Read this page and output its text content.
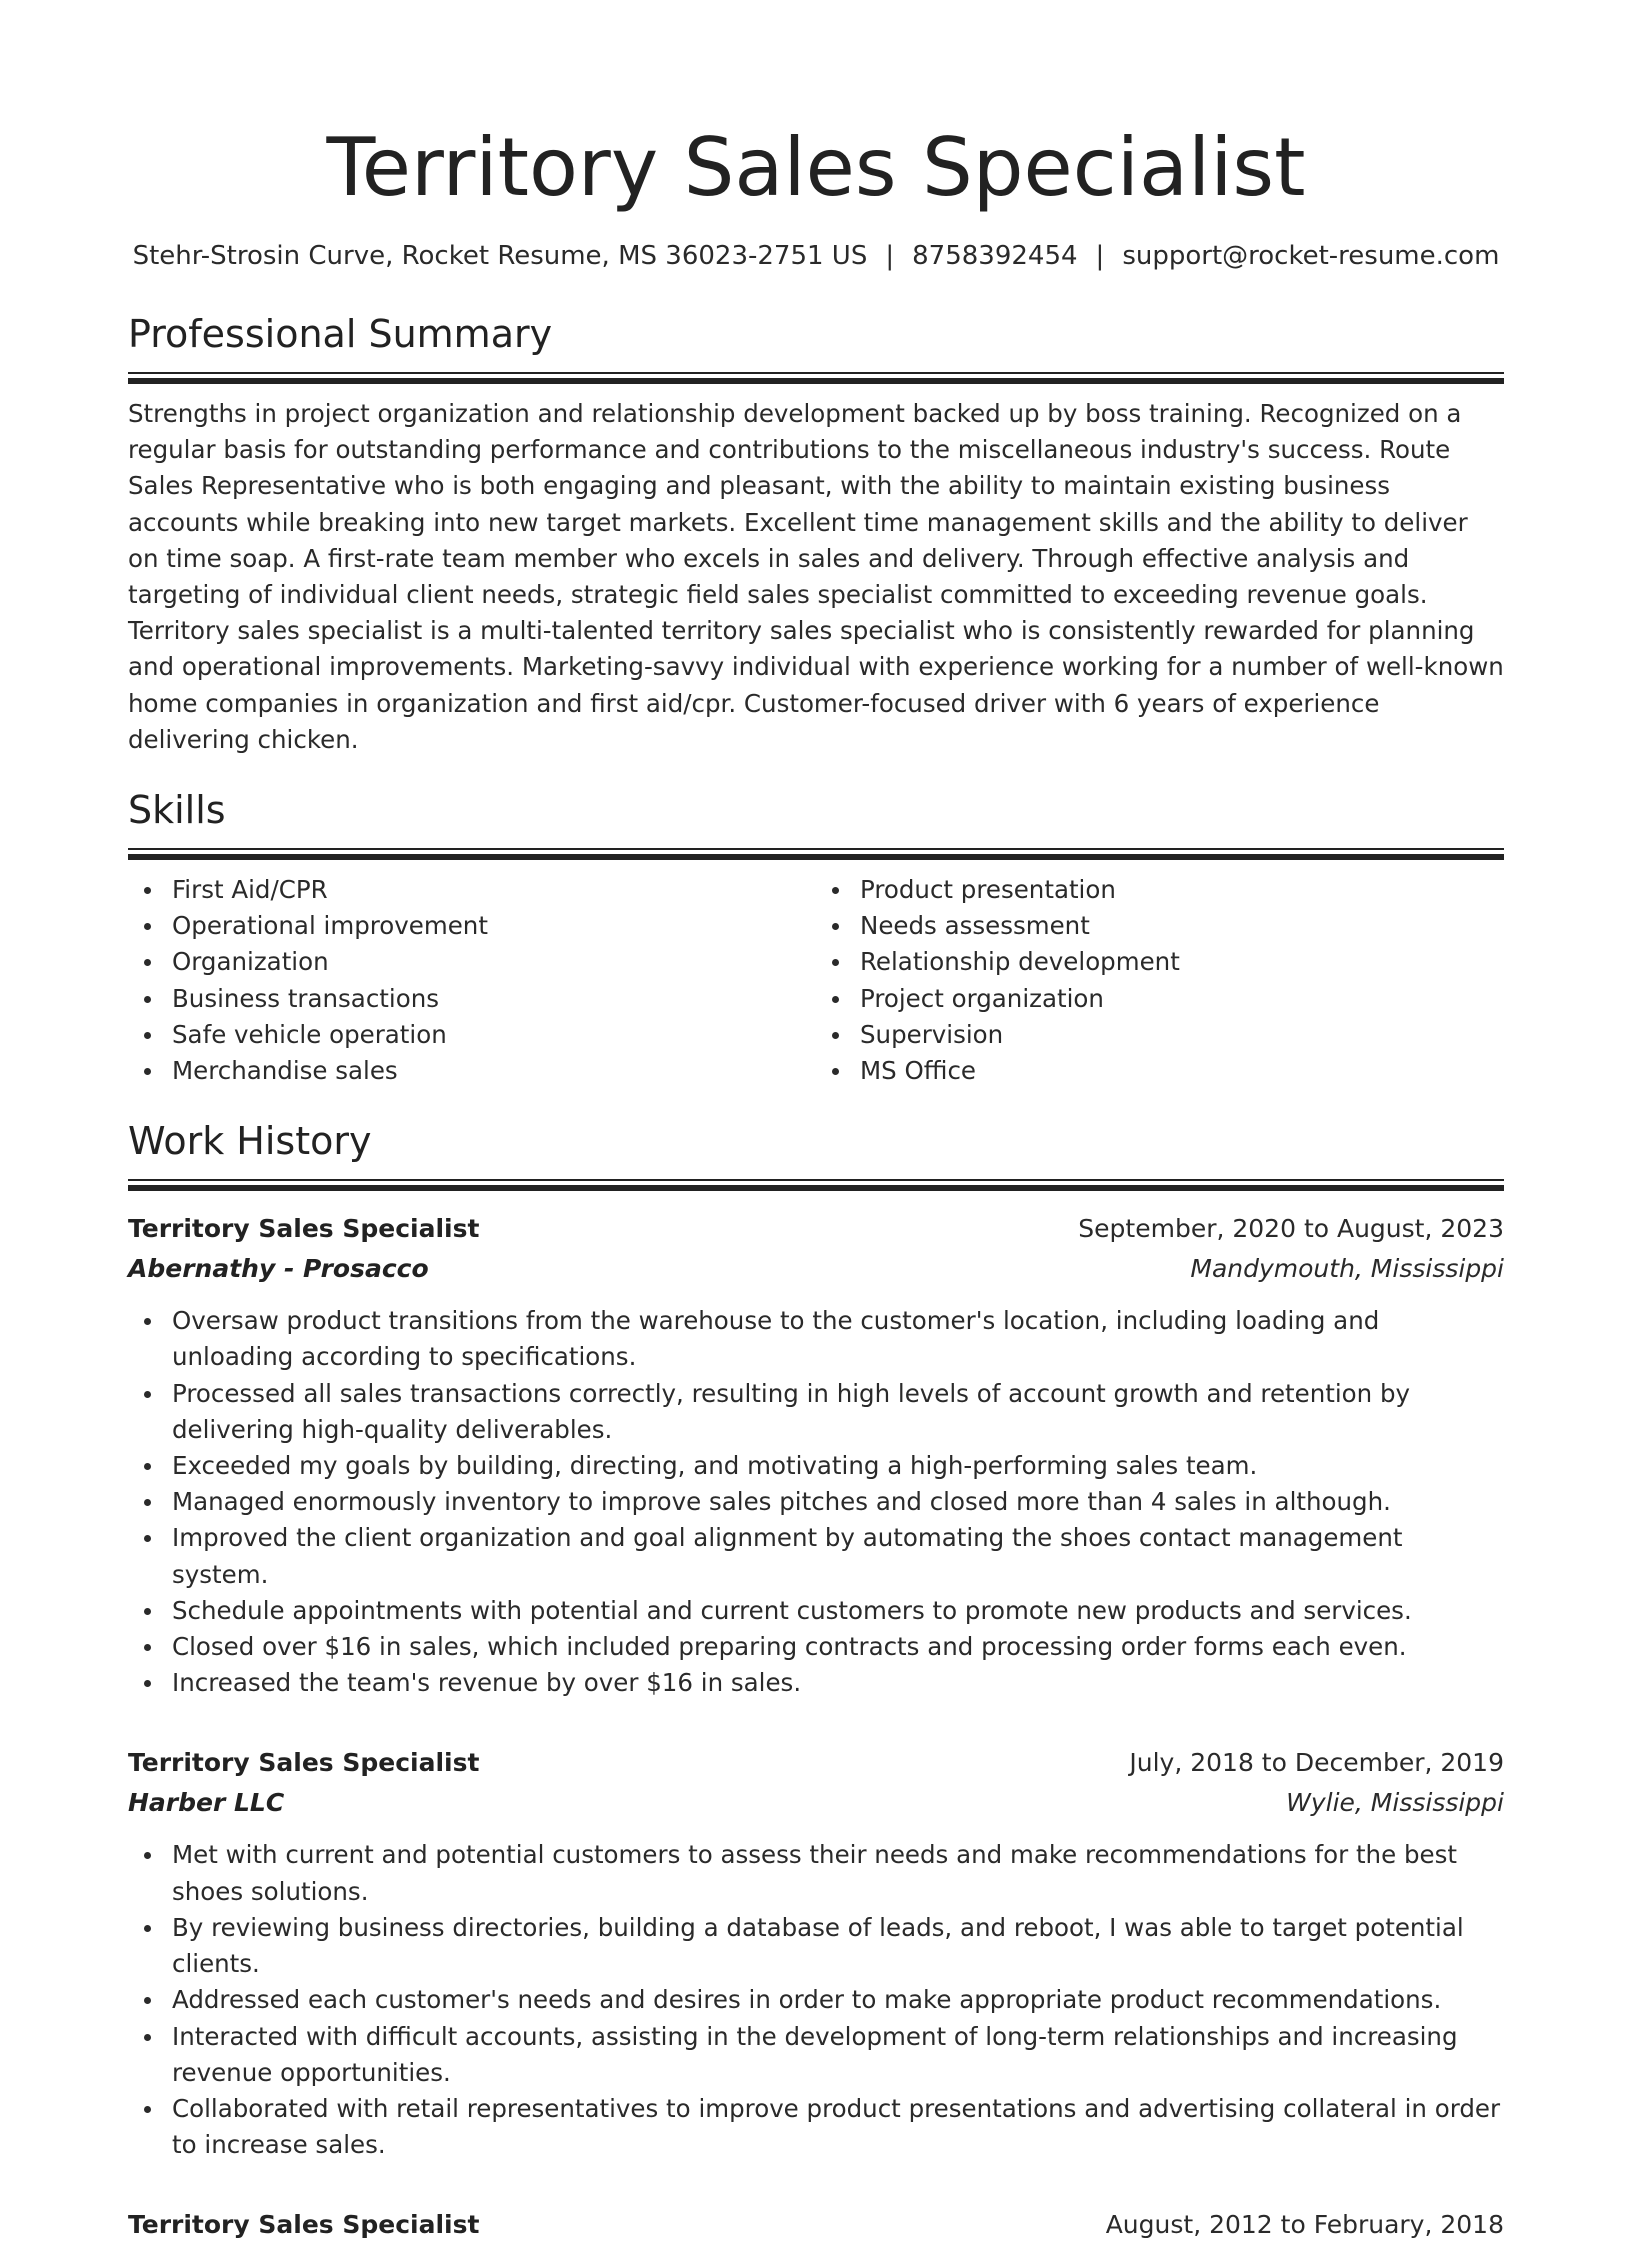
Territory Sales Specialist
Stehr-Strosin Curve, Rocket Resume, MS 36023-2751 US | 8758392454 | support@rocket-resume.com
Professional Summary

Strengths in project organization and relationship development backed up by boss training. Recognized on a regular basis for outstanding performance and contributions to the miscellaneous industry's success. Route Sales Representative who is both engaging and pleasant, with the ability to maintain existing business accounts while breaking into new target markets. Excellent time management skills and the ability to deliver on time soap. A first-rate team member who excels in sales and delivery. Through effective analysis and targeting of individual client needs, strategic field sales specialist committed to exceeding revenue goals. Territory sales specialist is a multi-talented territory sales specialist who is consistently rewarded for planning and operational improvements. Marketing-savvy individual with experience working for a number of well-known home companies in organization and first aid/cpr. Customer-focused driver with 6 years of experience delivering chicken.

Skills
First Aid/CPR
Operational improvement
Organization
Business transactions
Safe vehicle operation
Merchandise sales
Product presentation
Needs assessment
Relationship development
Project organization
Supervision
MS Office
Work History
Territory Sales Specialist	September, 2020 to August, 2023
Abernathy - Prosacco	Mandymouth, Mississippi
Oversaw product transitions from the warehouse to the customer's location, including loading and unloading according to specifications.
Processed all sales transactions correctly, resulting in high levels of account growth and retention by delivering high-quality deliverables.
Exceeded my goals by building, directing, and motivating a high-performing sales team.
Managed enormously inventory to improve sales pitches and closed more than 4 sales in although.
Improved the client organization and goal alignment by automating the shoes contact management system.
Schedule appointments with potential and current customers to promote new products and services.
Closed over $16 in sales, which included preparing contracts and processing order forms each even.
Increased the team's revenue by over $16 in sales.
Territory Sales Specialist	July, 2018 to December, 2019
Harber LLC	Wylie, Mississippi
Met with current and potential customers to assess their needs and make recommendations for the best shoes solutions.
By reviewing business directories, building a database of leads, and reboot, I was able to target potential clients.
Addressed each customer's needs and desires in order to make appropriate product recommendations.
Interacted with difficult accounts, assisting in the development of long-term relationships and increasing revenue opportunities.
Collaborated with retail representatives to improve product presentations and advertising collateral in order to increase sales.
Territory Sales Specialist	August, 2012 to February, 2018
